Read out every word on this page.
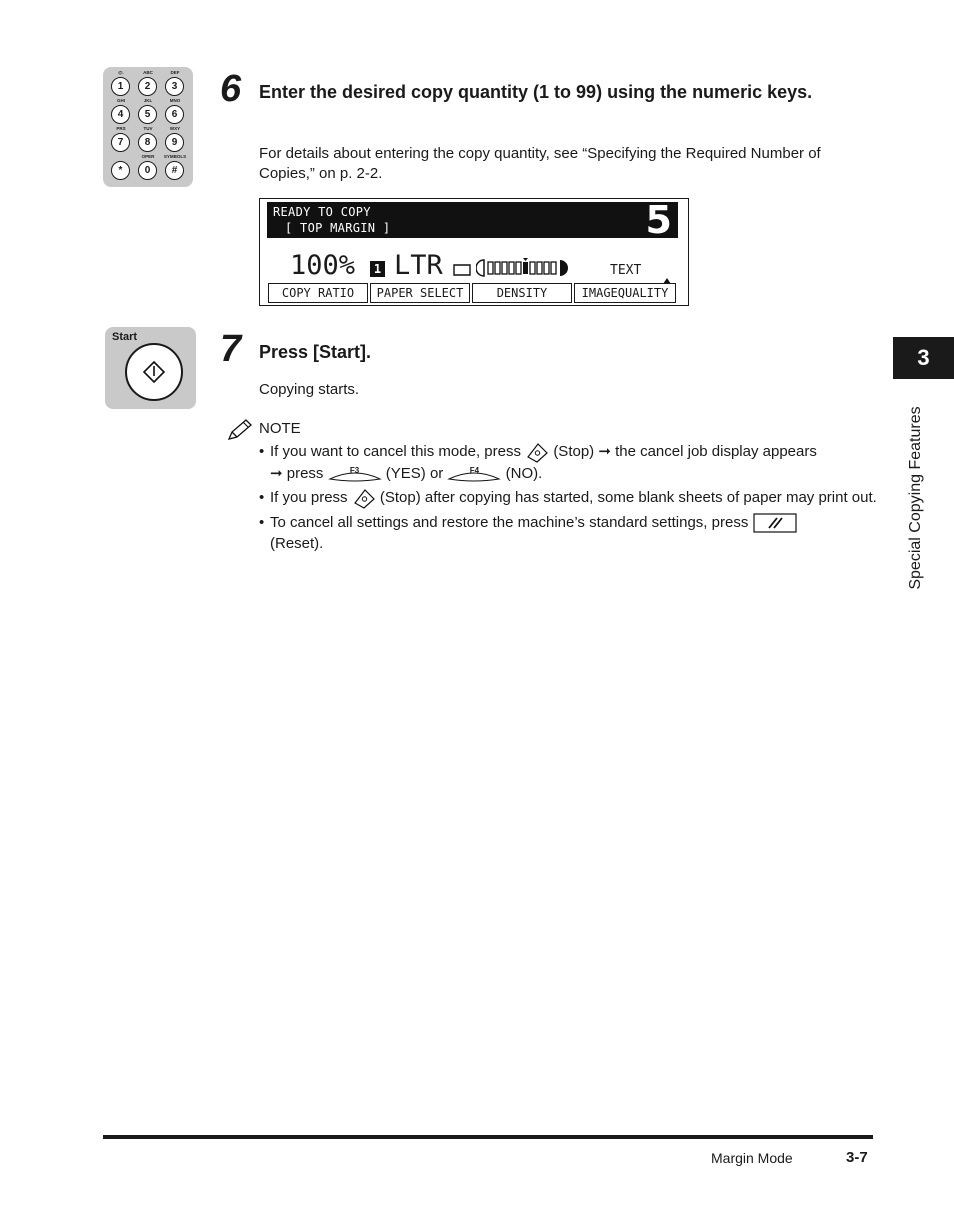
@.
1
ABC
2
DEF
3
GHI
4
JKL
5
MNO
6
PRS
7
TUV
8
WXY
9
*
OPER
0
SYMBOLS
#
6 Enter the desired copy quantity (1 to 99) using the numeric keys.
For details about entering the copy quantity, see “Specifying the Required Number of Copies,” on p. 2-2.
READY TO COPY
[ TOP MARGIN ]	5
100%	1 LTR	TEXT
COPY RATIO	PAPER SELECT	DENSITY	IMAGEQUALITY
Start 7 Press [Start].
Copying starts.
NOTE
• If you want to cancel this mode, press (Stop) ➞ the cancel job display appears
➞ press	F3	(YES) or	F4	(NO).
• If you press (Stop) after copying has started, some blank sheets of paper may print out.
• To cancel all settings and restore the machine’s standard settings, press
(Reset).
3
Special Copying Features
Margin Mode	3-7
